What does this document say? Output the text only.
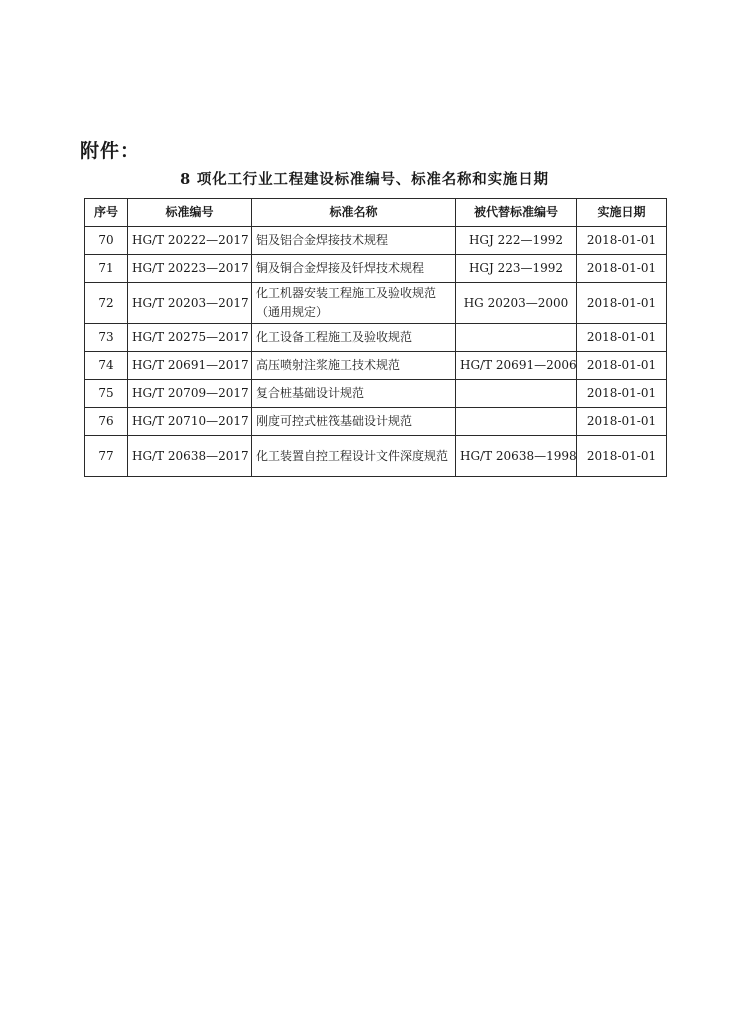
附件：
8 项化工行业工程建设标准编号、标准名称和实施日期
序号	标准编号	标准名称	被代替标准编号	实施日期
70	HG/T 20222—2017	铝及铝合金焊接技术规程	HGJ 222—1992	2018-01-01
71	HG/T 20223—2017	铜及铜合金焊接及钎焊技术规程	HGJ 223—1992	2018-01-01
72	HG/T 20203—2017	化工机器安装工程施工及验收规范（通用规定）	HG 20203—2000	2018-01-01
73	HG/T 20275—2017	化工设备工程施工及验收规范		2018-01-01
74	HG/T 20691—2017	高压喷射注浆施工技术规范	HG/T 20691—2006	2018-01-01
75	HG/T 20709—2017	复合桩基础设计规范		2018-01-01
76	HG/T 20710—2017	刚度可控式桩筏基础设计规范		2018-01-01
77	HG/T 20638—2017	化工装置自控工程设计文件深度规范	HG/T 20638—1998	2018-01-01
